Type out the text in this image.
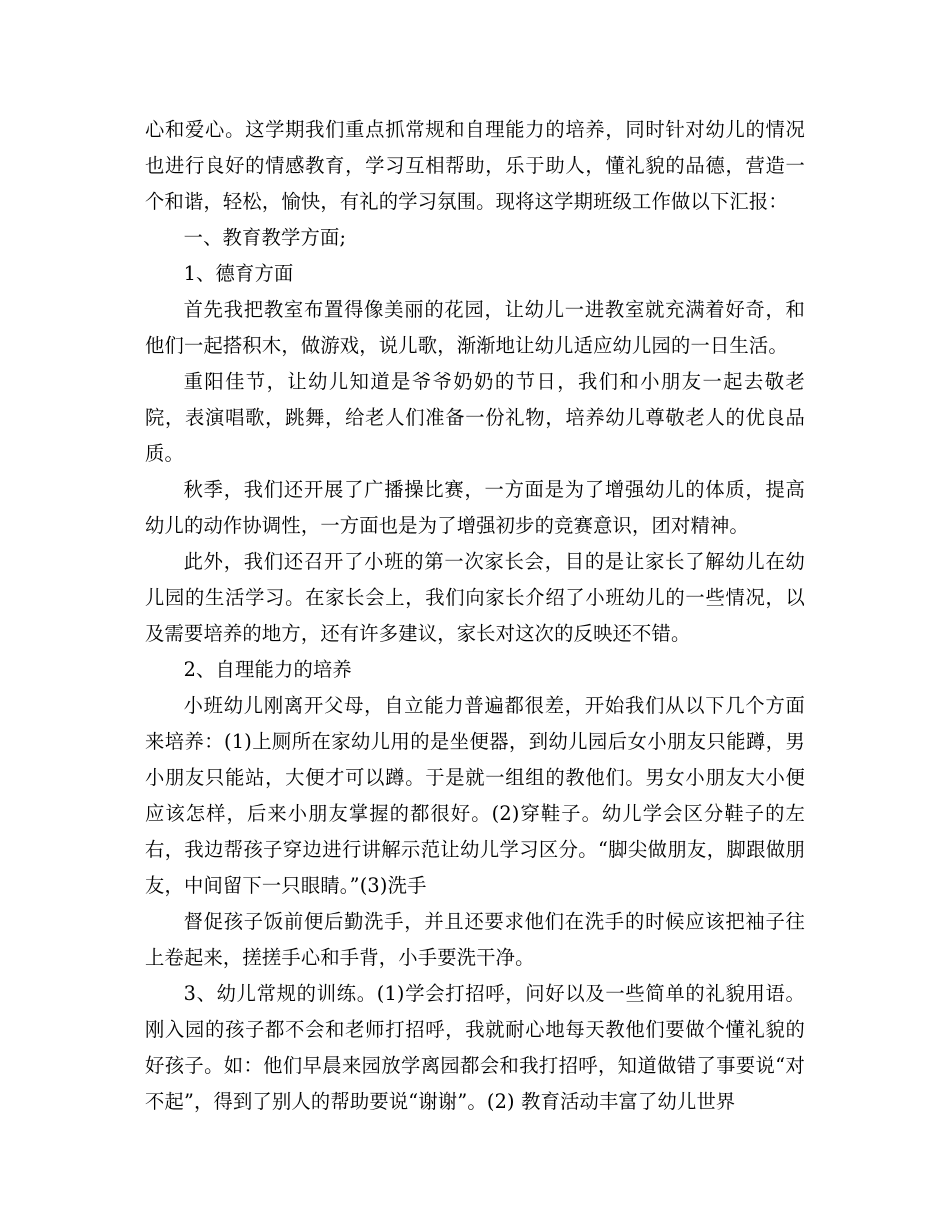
心和爱心。这学期我们重点抓常规和自理能力的培养，同时针对幼儿的情况也进行良好的情感教育，学习互相帮助，乐于助人，懂礼貌的品德，营造一个和谐，轻松，愉快，有礼的学习氛围。现将这学期班级工作做以下汇报：

一、教育教学方面;

1、德育方面

首先我把教室布置得像美丽的花园，让幼儿一进教室就充满着好奇，和他们一起搭积木，做游戏，说儿歌，渐渐地让幼儿适应幼儿园的一日生活。

重阳佳节，让幼儿知道是爷爷奶奶的节日，我们和小朋友一起去敬老院，表演唱歌，跳舞，给老人们准备一份礼物，培养幼儿尊敬老人的优良品质。

秋季，我们还开展了广播操比赛，一方面是为了增强幼儿的体质，提高幼儿的动作协调性，一方面也是为了增强初步的竞赛意识，团对精神。

此外，我们还召开了小班的第一次家长会，目的是让家长了解幼儿在幼儿园的生活学习。在家长会上，我们向家长介绍了小班幼儿的一些情况，以及需要培养的地方，还有许多建议，家长对这次的反映还不错。

2、自理能力的培养

小班幼儿刚离开父母，自立能力普遍都很差，开始我们从以下几个方面来培养：(1)上厕所在家幼儿用的是坐便器，到幼儿园后女小朋友只能蹲，男小朋友只能站，大便才可以蹲。于是就一组组的教他们。男女小朋友大小便应该怎样，后来小朋友掌握的都很好。(2)穿鞋子。幼儿学会区分鞋子的左右，我边帮孩子穿边进行讲解示范让幼儿学习区分。“脚尖做朋友，脚跟做朋友，中间留下一只眼睛。”(3)洗手

督促孩子饭前便后勤洗手，并且还要求他们在洗手的时候应该把袖子往上卷起来，搓搓手心和手背，小手要洗干净。

3、幼儿常规的训练。(1)学会打招呼，问好以及一些简单的礼貌用语。刚入园的孩子都不会和老师打招呼，我就耐心地每天教他们要做个懂礼貌的好孩子。如：他们早晨来园放学离园都会和我打招呼，知道做错了事要说“对不起”，得到了别人的帮助要说“谢谢”。(2) 教育活动丰富了幼儿世界
